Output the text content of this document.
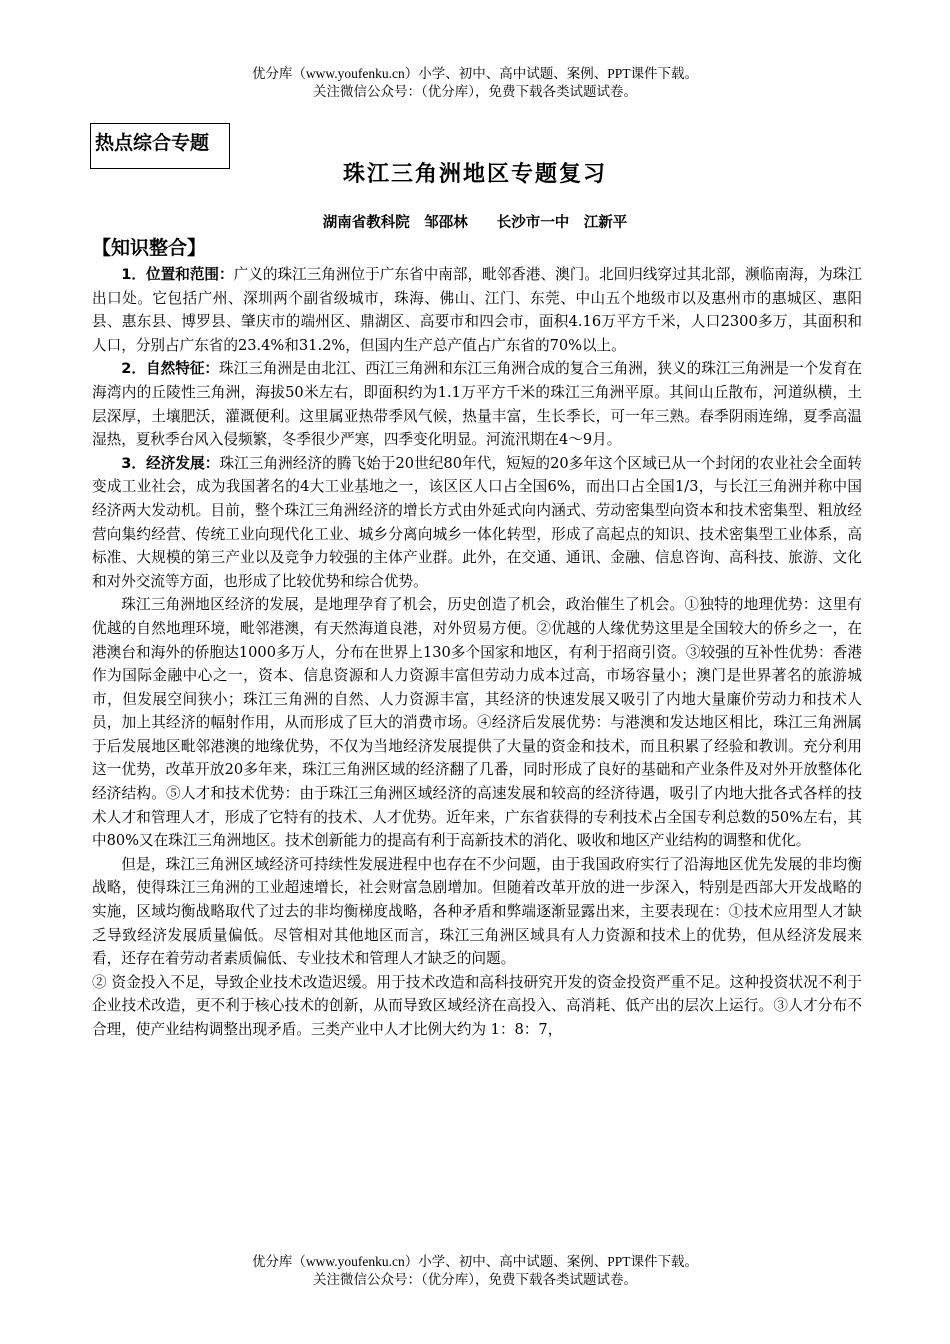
优分库（www.youfenku.cn）小学、初中、高中试题、案例、PPT课件下载。
关注微信公众号：（优分库），免费下载各类试题试卷。
热点综合专题
珠江三角洲地区专题复习
湖南省教科院　邹邵林　　长沙市一中　江新平
【知识整合】

1．位置和范围：广义的珠江三角洲位于广东省中南部，毗邻香港、澳门。北回归线穿过其北部，濒临南海，为珠江出口处。它包括广州、深圳两个副省级城市，珠海、佛山、江门、东莞、中山五个地级市以及惠州市的惠城区、惠阳县、惠东县、博罗县、肇庆市的端州区、鼎湖区、高要市和四会市，面积4.16万平方千米，人口2300多万，其面积和人口，分别占广东省的23.4%和31.2%，但国内生产总产值占广东省的70%以上。

2．自然特征：珠江三角洲是由北江、西江三角洲和东江三角洲合成的复合三角洲，狭义的珠江三角洲是一个发育在海湾内的丘陵性三角洲，海拔50米左右，即面积约为1.1万平方千米的珠江三角洲平原。其间山丘散布，河道纵横，土层深厚，土壤肥沃，灌溉便利。这里属亚热带季风气候，热量丰富，生长季长，可一年三熟。春季阴雨连绵，夏季高温湿热，夏秋季台风入侵频繁，冬季很少严寒，四季变化明显。河流汛期在4～9月。

3．经济发展：珠江三角洲经济的腾飞始于20世纪80年代，短短的20多年这个区域已从一个封闭的农业社会全面转变成工业社会，成为我国著名的4大工业基地之一，该区区人口占全国6%，而出口占全国1/3，与长江三角洲并称中国经济两大发动机。目前，整个珠江三角洲经济的增长方式由外延式向内涵式、劳动密集型向资本和技术密集型、粗放经营向集约经营、传统工业向现代化工业、城乡分离向城乡一体化转型，形成了高起点的知识、技术密集型工业体系，高标准、大规模的第三产业以及竞争力较强的主体产业群。此外，在交通、通讯、金融、信息咨询、高科技、旅游、文化和对外交流等方面，也形成了比较优势和综合优势。

珠江三角洲地区经济的发展，是地理孕育了机会，历史创造了机会，政治催生了机会。①独特的地理优势：这里有优越的自然地理环境，毗邻港澳，有天然海道良港，对外贸易方便。②优越的人缘优势这里是全国较大的侨乡之一，在港澳台和海外的侨胞达1000多万人，分布在世界上130多个国家和地区，有利于招商引资。③较强的互补性优势：香港作为国际金融中心之一，资本、信息资源和人力资源丰富但劳动力成本过高，市场容量小；澳门是世界著名的旅游城市，但发展空间狭小；珠江三角洲的自然、人力资源丰富，其经济的快速发展又吸引了内地大量廉价劳动力和技术人员，加上其经济的幅射作用，从而形成了巨大的消费市场。④经济后发展优势：与港澳和发达地区相比，珠江三角洲属于后发展地区毗邻港澳的地缘优势，不仅为当地经济发展提供了大量的资金和技术，而且积累了经验和教训。充分利用这一优势，改革开放20多年来，珠江三角洲区域的经济翻了几番，同时形成了良好的基础和产业条件及对外开放整体化经济结构。⑤人才和技术优势：由于珠江三角洲区域经济的高速发展和较高的经济待遇，吸引了内地大批各式各样的技术人才和管理人才，形成了它特有的技术、人才优势。近年来，广东省获得的专利技术占全国专利总数的50%左右，其中80%又在珠江三角洲地区。技术创新能力的提高有利于高新技术的消化、吸收和地区产业结构的调整和优化。

但是，珠江三角洲区域经济可持续性发展进程中也存在不少问题，由于我国政府实行了沿海地区优先发展的非均衡战略，使得珠江三角洲的工业超速增长，社会财富急剧增加。但随着改革开放的进一步深入，特别是西部大开发战略的实施，区域均衡战略取代了过去的非均衡梯度战略，各种矛盾和弊端逐渐显露出来，主要表现在：①技术应用型人才缺乏导致经济发展质量偏低。尽管相对其他地区而言，珠江三角洲区域具有人力资源和技术上的优势，但从经济发展来看，还存在着劳动者素质偏低、专业技术和管理人才缺乏的问题。

② 资金投入不足，导致企业技术改造迟缓。用于技术改造和高科技研究开发的资金投资严重不足。这种投资状况不利于企业技术改造，更不利于核心技术的创新，从而导致区域经济在高投入、高消耗、低产出的层次上运行。③人才分布不合理，使产业结构调整出现矛盾。三类产业中人才比例大约为 1：8：7，

优分库（www.youfenku.cn）小学、初中、高中试题、案例、PPT课件下载。
关注微信公众号：（优分库），免费下载各类试题试卷。
